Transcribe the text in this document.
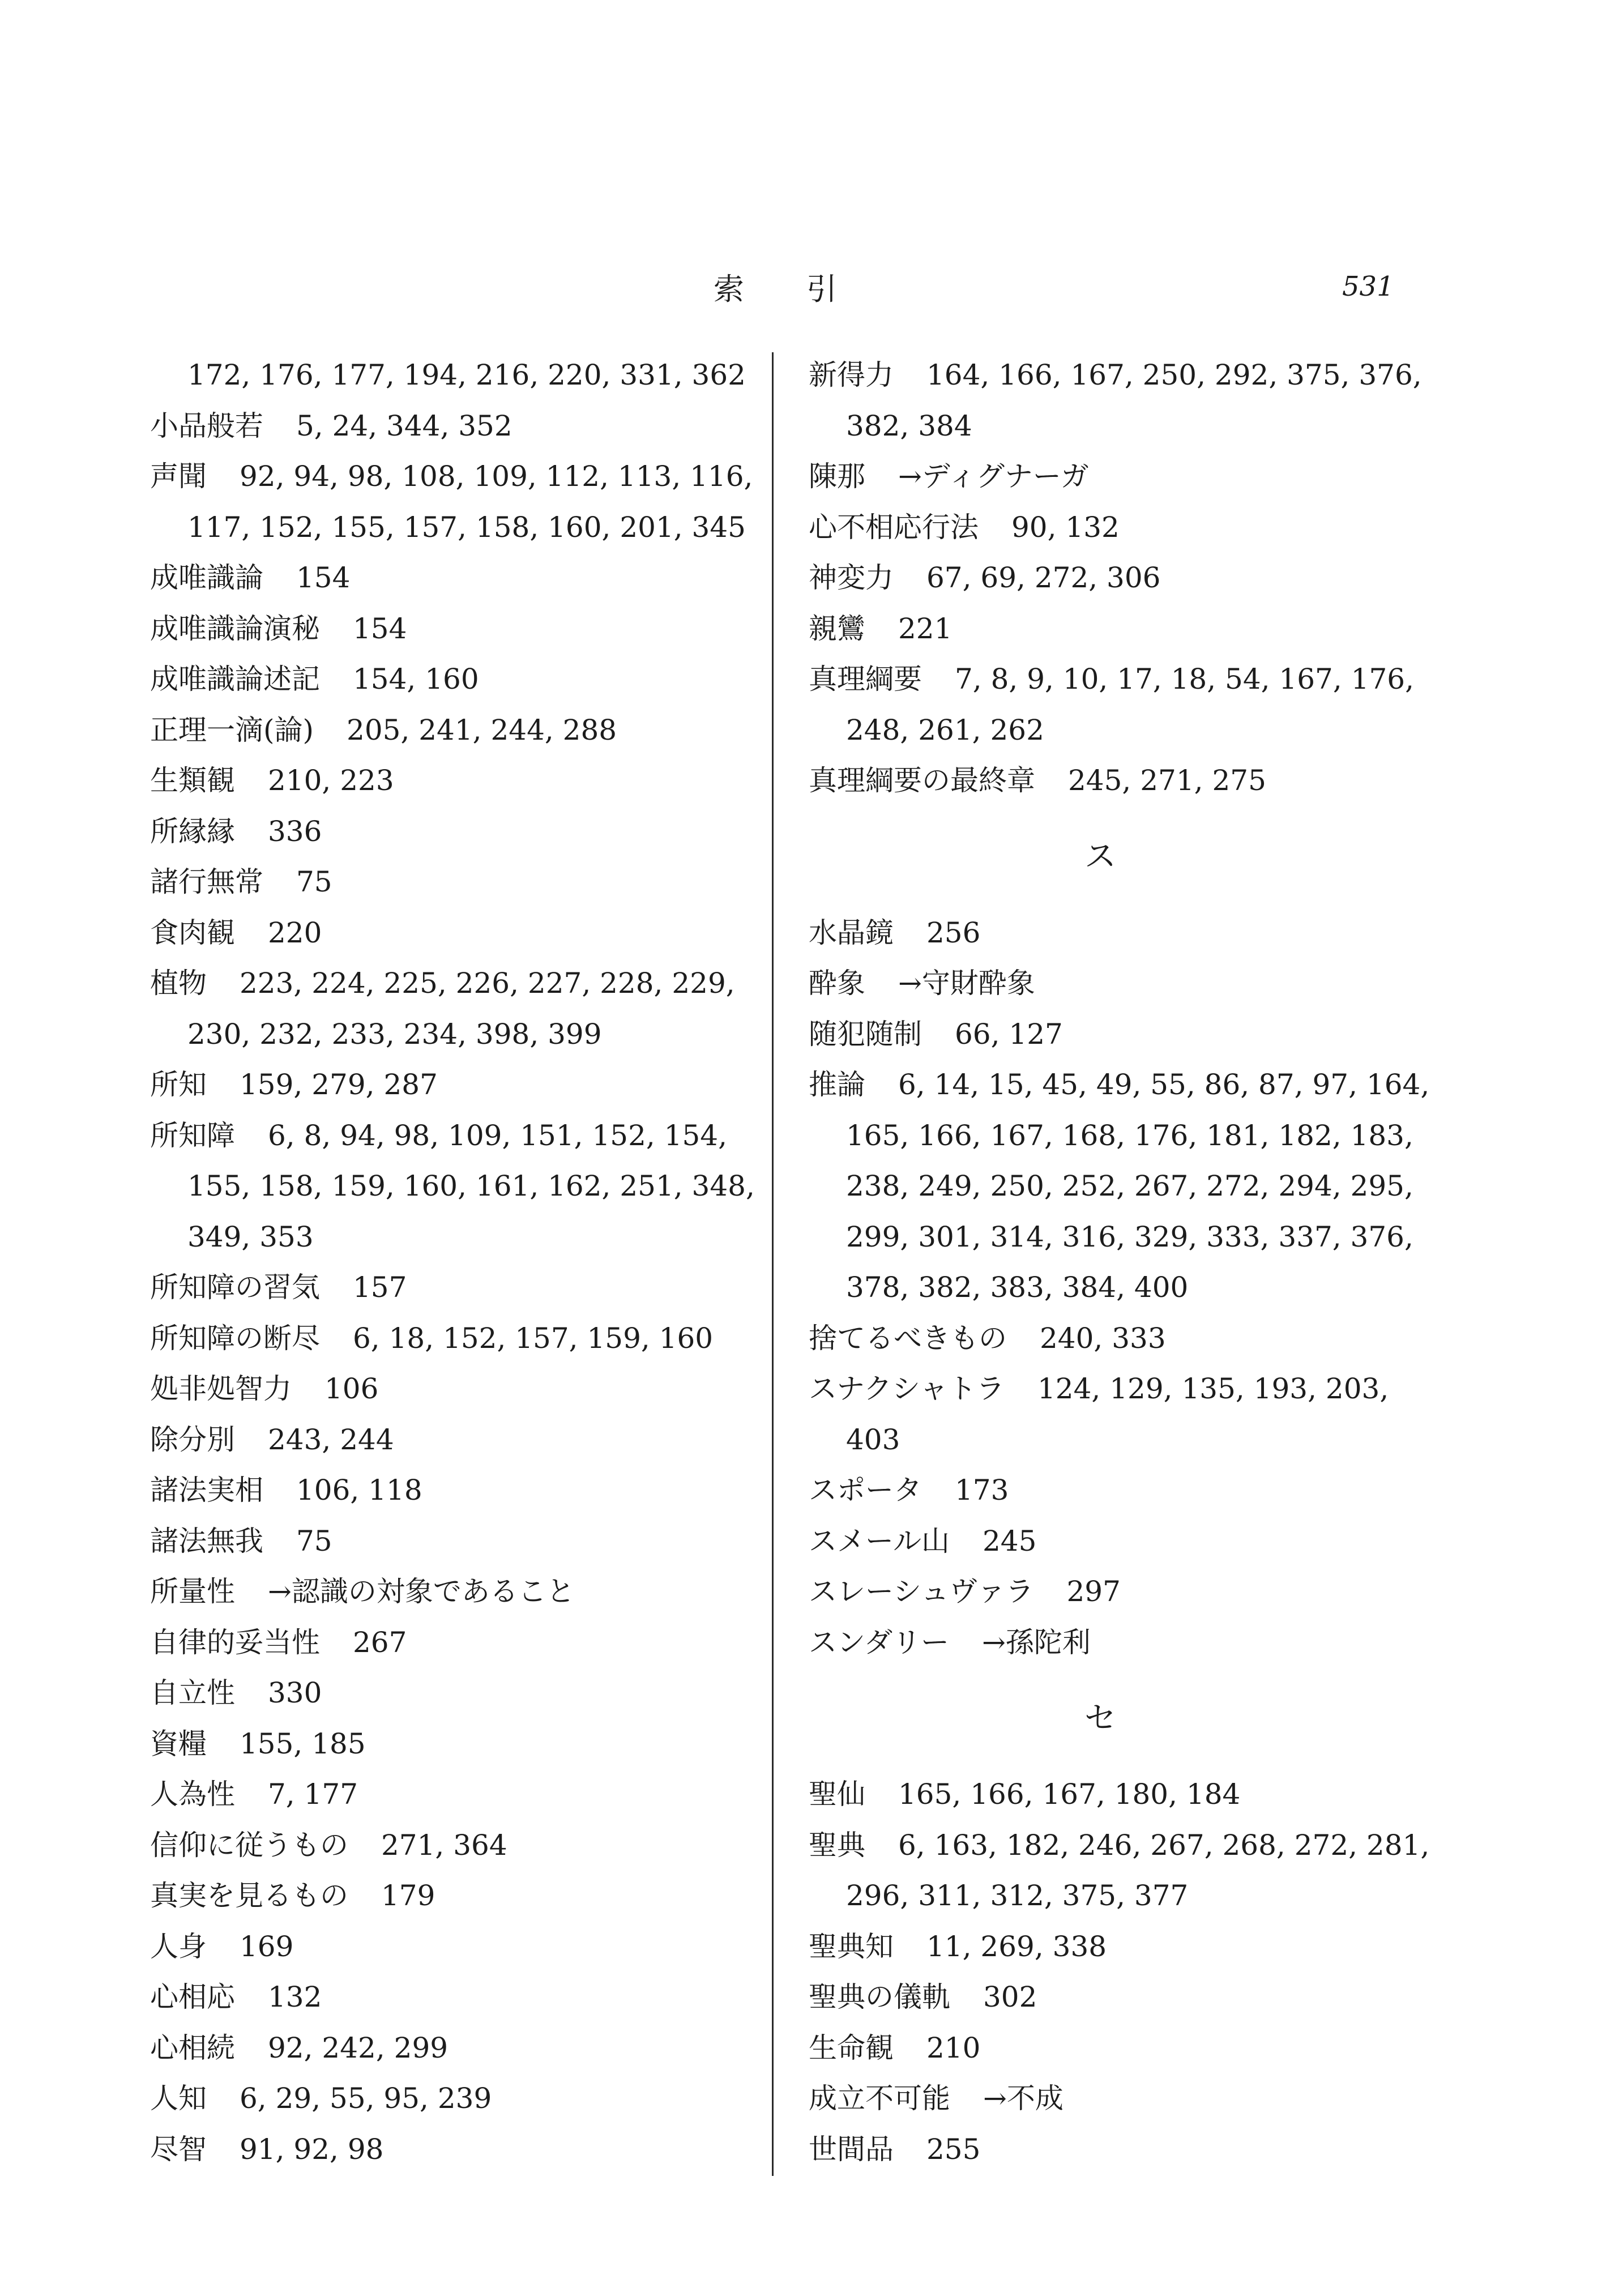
索引	531
172, 176, 177, 194, 216, 220, 331, 362
小品般若 5, 24, 344, 352
声聞 92, 94, 98, 108, 109, 112, 113, 116,
117, 152, 155, 157, 158, 160, 201, 345
成唯識論 154
成唯識論演秘 154
成唯識論述記 154, 160
正理一滴(論) 205, 241, 244, 288
生類観 210, 223
所縁縁 336
諸行無常 75
食肉観 220
植物 223, 224, 225, 226, 227, 228, 229,
230, 232, 233, 234, 398, 399
所知 159, 279, 287
所知障 6, 8, 94, 98, 109, 151, 152, 154,
155, 158, 159, 160, 161, 162, 251, 348,
349, 353
所知障の習気 157
所知障の断尽 6, 18, 152, 157, 159, 160
処非処智力 106
除分別 243, 244
諸法実相 106, 118
諸法無我 75
所量性 →認識の対象であること
自律的妥当性 267
自立性 330
資糧 155, 185
人為性 7, 177
信仰に従うもの 271, 364
真実を見るもの 179
人身 169
心相応 132
心相続 92, 242, 299
人知 6, 29, 55, 95, 239
尽智 91, 92, 98
新得力 164, 166, 167, 250, 292, 375, 376,
382, 384
陳那 →ディグナーガ
心不相応行法 90, 132
神変力 67, 69, 272, 306
親鸞 221
真理綱要 7, 8, 9, 10, 17, 18, 54, 167, 176,
248, 261, 262
真理綱要の最終章 245, 271, 275
ス
水晶鏡 256
酔象 →守財酔象
随犯随制 66, 127
推論 6, 14, 15, 45, 49, 55, 86, 87, 97, 164,
165, 166, 167, 168, 176, 181, 182, 183,
238, 249, 250, 252, 267, 272, 294, 295,
299, 301, 314, 316, 329, 333, 337, 376,
378, 382, 383, 384, 400
捨てるべきもの 240, 333
スナクシャトラ 124, 129, 135, 193, 203,
403
スポータ 173
スメール山 245
スレーシュヴァラ 297
スンダリー →孫陀利
セ
聖仙 165, 166, 167, 180, 184
聖典 6, 163, 182, 246, 267, 268, 272, 281,
296, 311, 312, 375, 377
聖典知 11, 269, 338
聖典の儀軌 302
生命観 210
成立不可能 →不成
世間品 255
